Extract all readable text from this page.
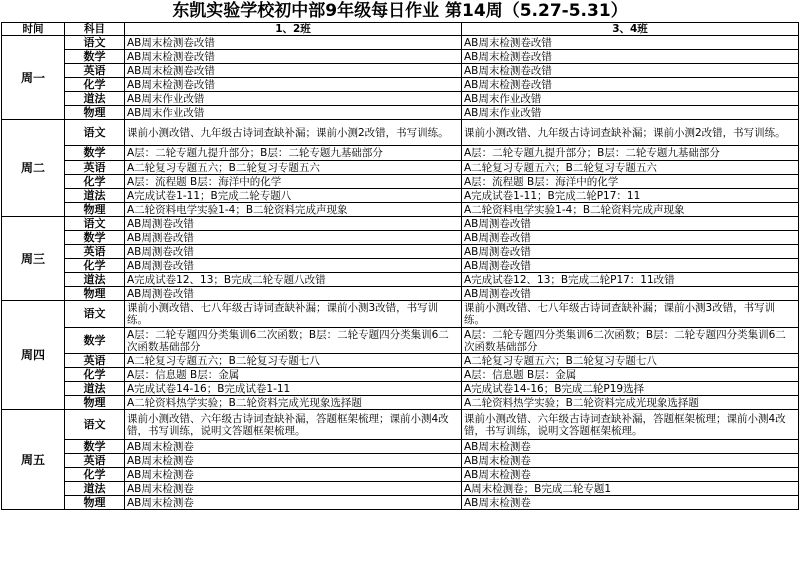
东凯实验学校初中部9年级每日作业 第14周（5.27-5.31）
时间	科目	1、2班	3、4班
周一	语文	AB周末检测卷改错	AB周末检测卷改错
	数学	AB周末检测卷改错	AB周末检测卷改错
	英语	AB周末检测卷改错	AB周末检测卷改错
	化学	AB周末检测卷改错	AB周末检测卷改错
	道法	AB周末作业改错	AB周末作业改错
	物理	AB周末作业改错	AB周末作业改错
周二	语文	课前小测改错、九年级古诗词查缺补漏；课前小测2改错，书写训练。	课前小测改错、九年级古诗词查缺补漏；课前小测2改错，书写训练。
	数学	A层：二轮专题九提升部分；B层：二轮专题九基础部分	A层：二轮专题九提升部分；B层：二轮专题九基础部分
	英语	A二轮复习专题五六；B二轮复习专题五六	A二轮复习专题五六；B二轮复习专题五六
	化学	A层：流程题 B层：海洋中的化学	A层：流程题 B层：海洋中的化学
	道法	A完成试卷1-11；B完成二轮专题八	A完成试卷1-11；B完成二轮P17：11
	物理	A二轮资料电学实验1-4；B二轮资料完成声现象	A二轮资料电学实验1-4；B二轮资料完成声现象
周三	语文	AB周测卷改错	AB周测卷改错
	数学	AB周测卷改错	AB周测卷改错
	英语	AB周测卷改错	AB周测卷改错
	化学	AB周测卷改错	AB周测卷改错
	道法	A完成试卷12、13；B完成二轮专题八改错	A完成试卷12、13；B完成二轮P17：11改错
	物理	AB周测卷改错	AB周测卷改错
周四	语文	课前小测改错、七八年级古诗词查缺补漏；课前小测3改错，书写训练。	课前小测改错、七八年级古诗词查缺补漏；课前小测3改错，书写训练。
	数学	A层：二轮专题四分类集训6二次函数；B层：二轮专题四分类集训6二次函数基础部分	A层：二轮专题四分类集训6二次函数；B层：二轮专题四分类集训6二次函数基础部分
	英语	A二轮复习专题五六；B二轮复习专题七八	A二轮复习专题五六；B二轮复习专题七八
	化学	A层：信息题 B层：金属	A层：信息题 B层：金属
	道法	A完成试卷14-16；B完成试卷1-11	A完成试卷14-16；B完成二轮P19选择
	物理	A二轮资料热学实验；B二轮资料完成光现象选择题	A二轮资料热学实验；B二轮资料完成光现象选择题
周五	语文	课前小测改错、六年级古诗词查缺补漏，答题框架梳理；课前小测4改错，书写训练，说明文答题框架梳理。	课前小测改错、六年级古诗词查缺补漏，答题框架梳理；课前小测4改错，书写训练，说明文答题框架梳理。
	数学	AB周末检测卷	AB周末检测卷
	英语	AB周末检测卷	AB周末检测卷
	化学	AB周末检测卷	AB周末检测卷
	道法	AB周末检测卷	A周末检测卷；B完成二轮专题1
	物理	AB周末检测卷	AB周末检测卷
